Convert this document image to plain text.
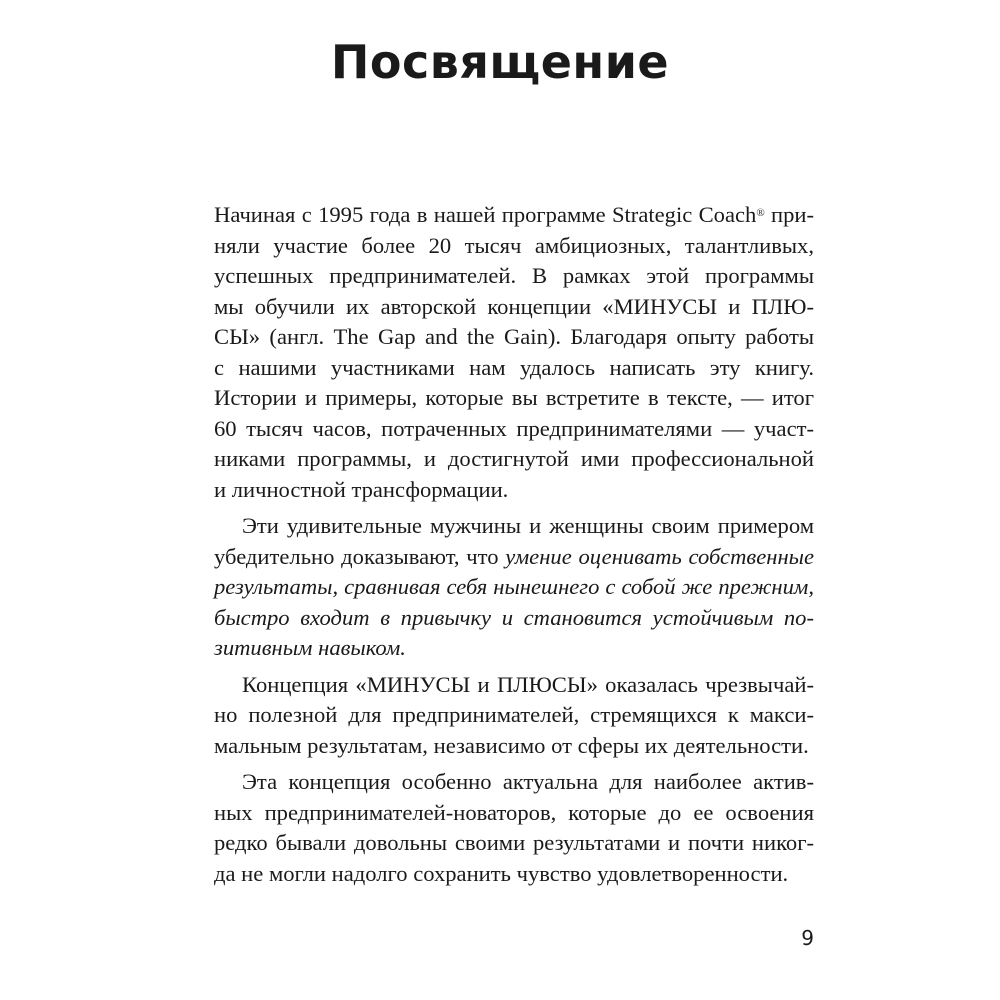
Посвящение
Начиная с 1995 года в нашей программе Strategic Coach® при-
няли участие более 20 тысяч амбициозных, талантливых,
успешных предпринимателей. В рамках этой программы
мы обучили их авторской концепции «МИНУСЫ и ПЛЮ-
СЫ» (англ. The Gap and the Gain). Благодаря опыту работы
с нашими участниками нам удалось написать эту книгу.
Истории и примеры, которые вы встретите в тексте, — итог
60 тысяч часов, потраченных предпринимателями — участ-
никами программы, и достигнутой ими профессиональной
и личностной трансформации.
Эти удивительные мужчины и женщины своим примером
убедительно доказывают, что умение оценивать собственные
результаты, сравнивая себя нынешнего с собой же прежним,
быстро входит в привычку и становится устойчивым по-
зитивным навыком.
Концепция «МИНУСЫ и ПЛЮСЫ» оказалась чрезвычай-
но полезной для предпринимателей, стремящихся к макси-
мальным результатам, независимо от сферы их деятельности.
Эта концепция особенно актуальна для наиболее актив-
ных предпринимателей-новаторов, которые до ее освоения
редко бывали довольны своими результатами и почти никог-
да не могли надолго сохранить чувство удовлетворенности.
9
